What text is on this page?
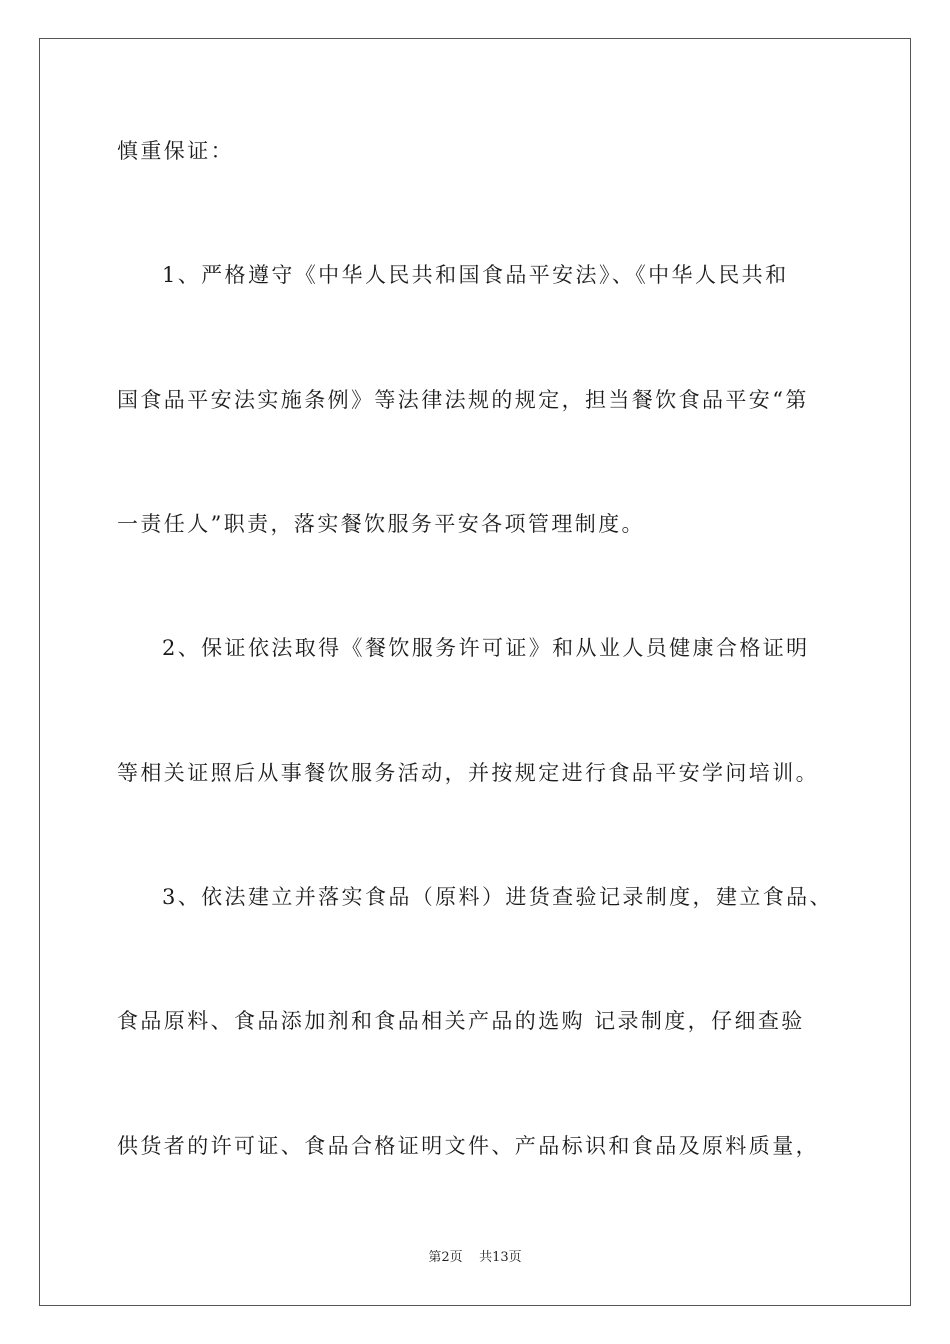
慎重保证：
1、严格遵守《中华人民共和国食品平安法》、《中华人民共和
国食品平安法实施条例》等法律法规的规定，担当餐饮食品平安“第
一责任人”职责，落实餐饮服务平安各项管理制度。
2、保证依法取得《餐饮服务许可证》和从业人员健康合格证明
等相关证照后从事餐饮服务活动，并按规定进行食品平安学问培训。
3、依法建立并落实食品（原料）进货查验记录制度，建立食品、
食品原料、食品添加剂和食品相关产品的选购 记录制度，仔细查验
供货者的许可证、食品合格证明文件、产品标识和食品及原料质量，
第2页    共13页
